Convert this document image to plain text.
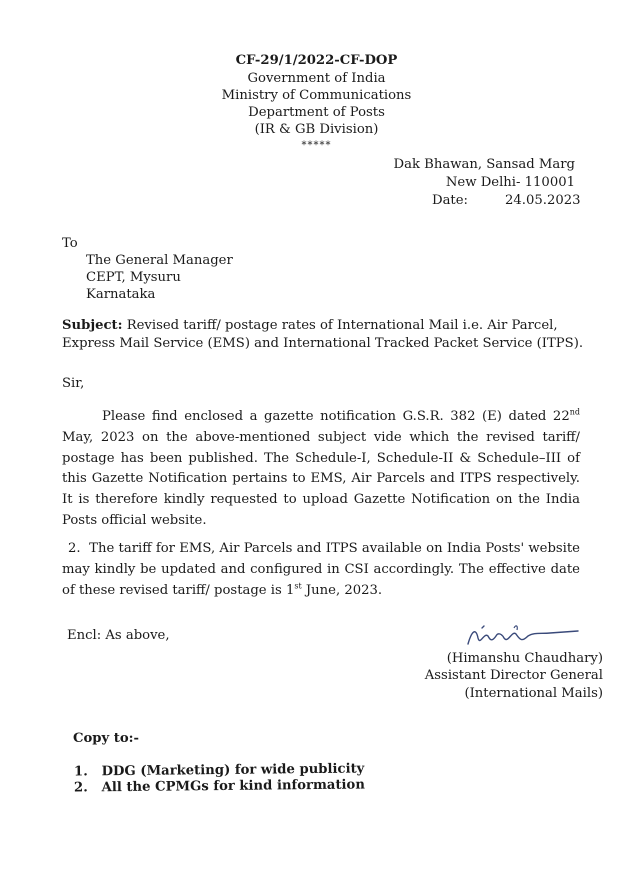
CF-29/1/2022-CF-DOP
Government of India
Ministry of Communications
Department of Posts
(IR & GB Division)
*****
Dak Bhawan, Sansad Marg
New Delhi- 110001
Date:	24.05.2023
To
The General Manager
CEPT, Mysuru
Karnataka
Subject: Revised tariff/ postage rates of International Mail i.e. Air Parcel,
Express Mail Service (EMS) and International Tracked Packet Service (ITPS).
Sir,
Please find enclosed a gazette notification G.S.R. 382 (E) dated 22nd May, 2023 on the above-mentioned subject vide which the revised tariff/ postage has been published. The Schedule-I, Schedule-II & Schedule–III of this Gazette Notification pertains to EMS, Air Parcels and ITPS respectively. It is therefore kindly requested to upload Gazette Notification on the India Posts official website.
2. The tariff for EMS, Air Parcels and ITPS available on India Posts' website may kindly be updated and configured in CSI accordingly. The effective date of these revised tariff/ postage is 1st June, 2023.
Encl: As above,
(Himanshu Chaudhary)
Assistant Director General
(International Mails)
Copy to:-
1. DDG (Marketing) for wide publicity
2. All the CPMGs for kind information
